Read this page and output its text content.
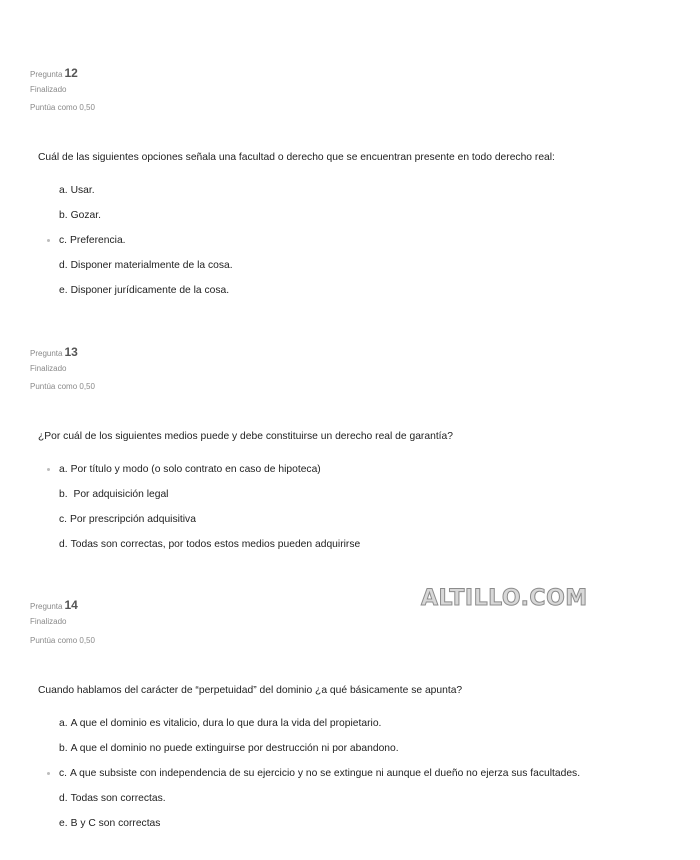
Pregunta 12
Finalizado
Puntúa como 0,50
Cuál de las siguientes opciones señala una facultad o derecho que se encuentran presente en todo derecho real:
a. Usar.
b. Gozar.
c. Preferencia.
d. Disponer materialmente de la cosa.
e. Disponer jurídicamente de la cosa.
Pregunta 13
Finalizado
Puntúa como 0,50
¿Por cuál de los siguientes medios puede y debe constituirse un derecho real de garantía?
a. Por título y modo (o solo contrato en caso de hipoteca)
b. Por adquisición legal
c. Por prescripción adquisitiva
d. Todas son correctas, por todos estos medios pueden adquirirse
ALTILLO.COM
Pregunta 14
Finalizado
Puntúa como 0,50
Cuando hablamos del carácter de “perpetuidad” del dominio ¿a qué básicamente se apunta?
a. A que el dominio es vitalicio, dura lo que dura la vida del propietario.
b. A que el dominio no puede extinguirse por destrucción ni por abandono.
c. A que subsiste con independencia de su ejercicio y no se extingue ni aunque el dueño no ejerza sus facultades.
d. Todas son correctas.
e. B y C son correctas
